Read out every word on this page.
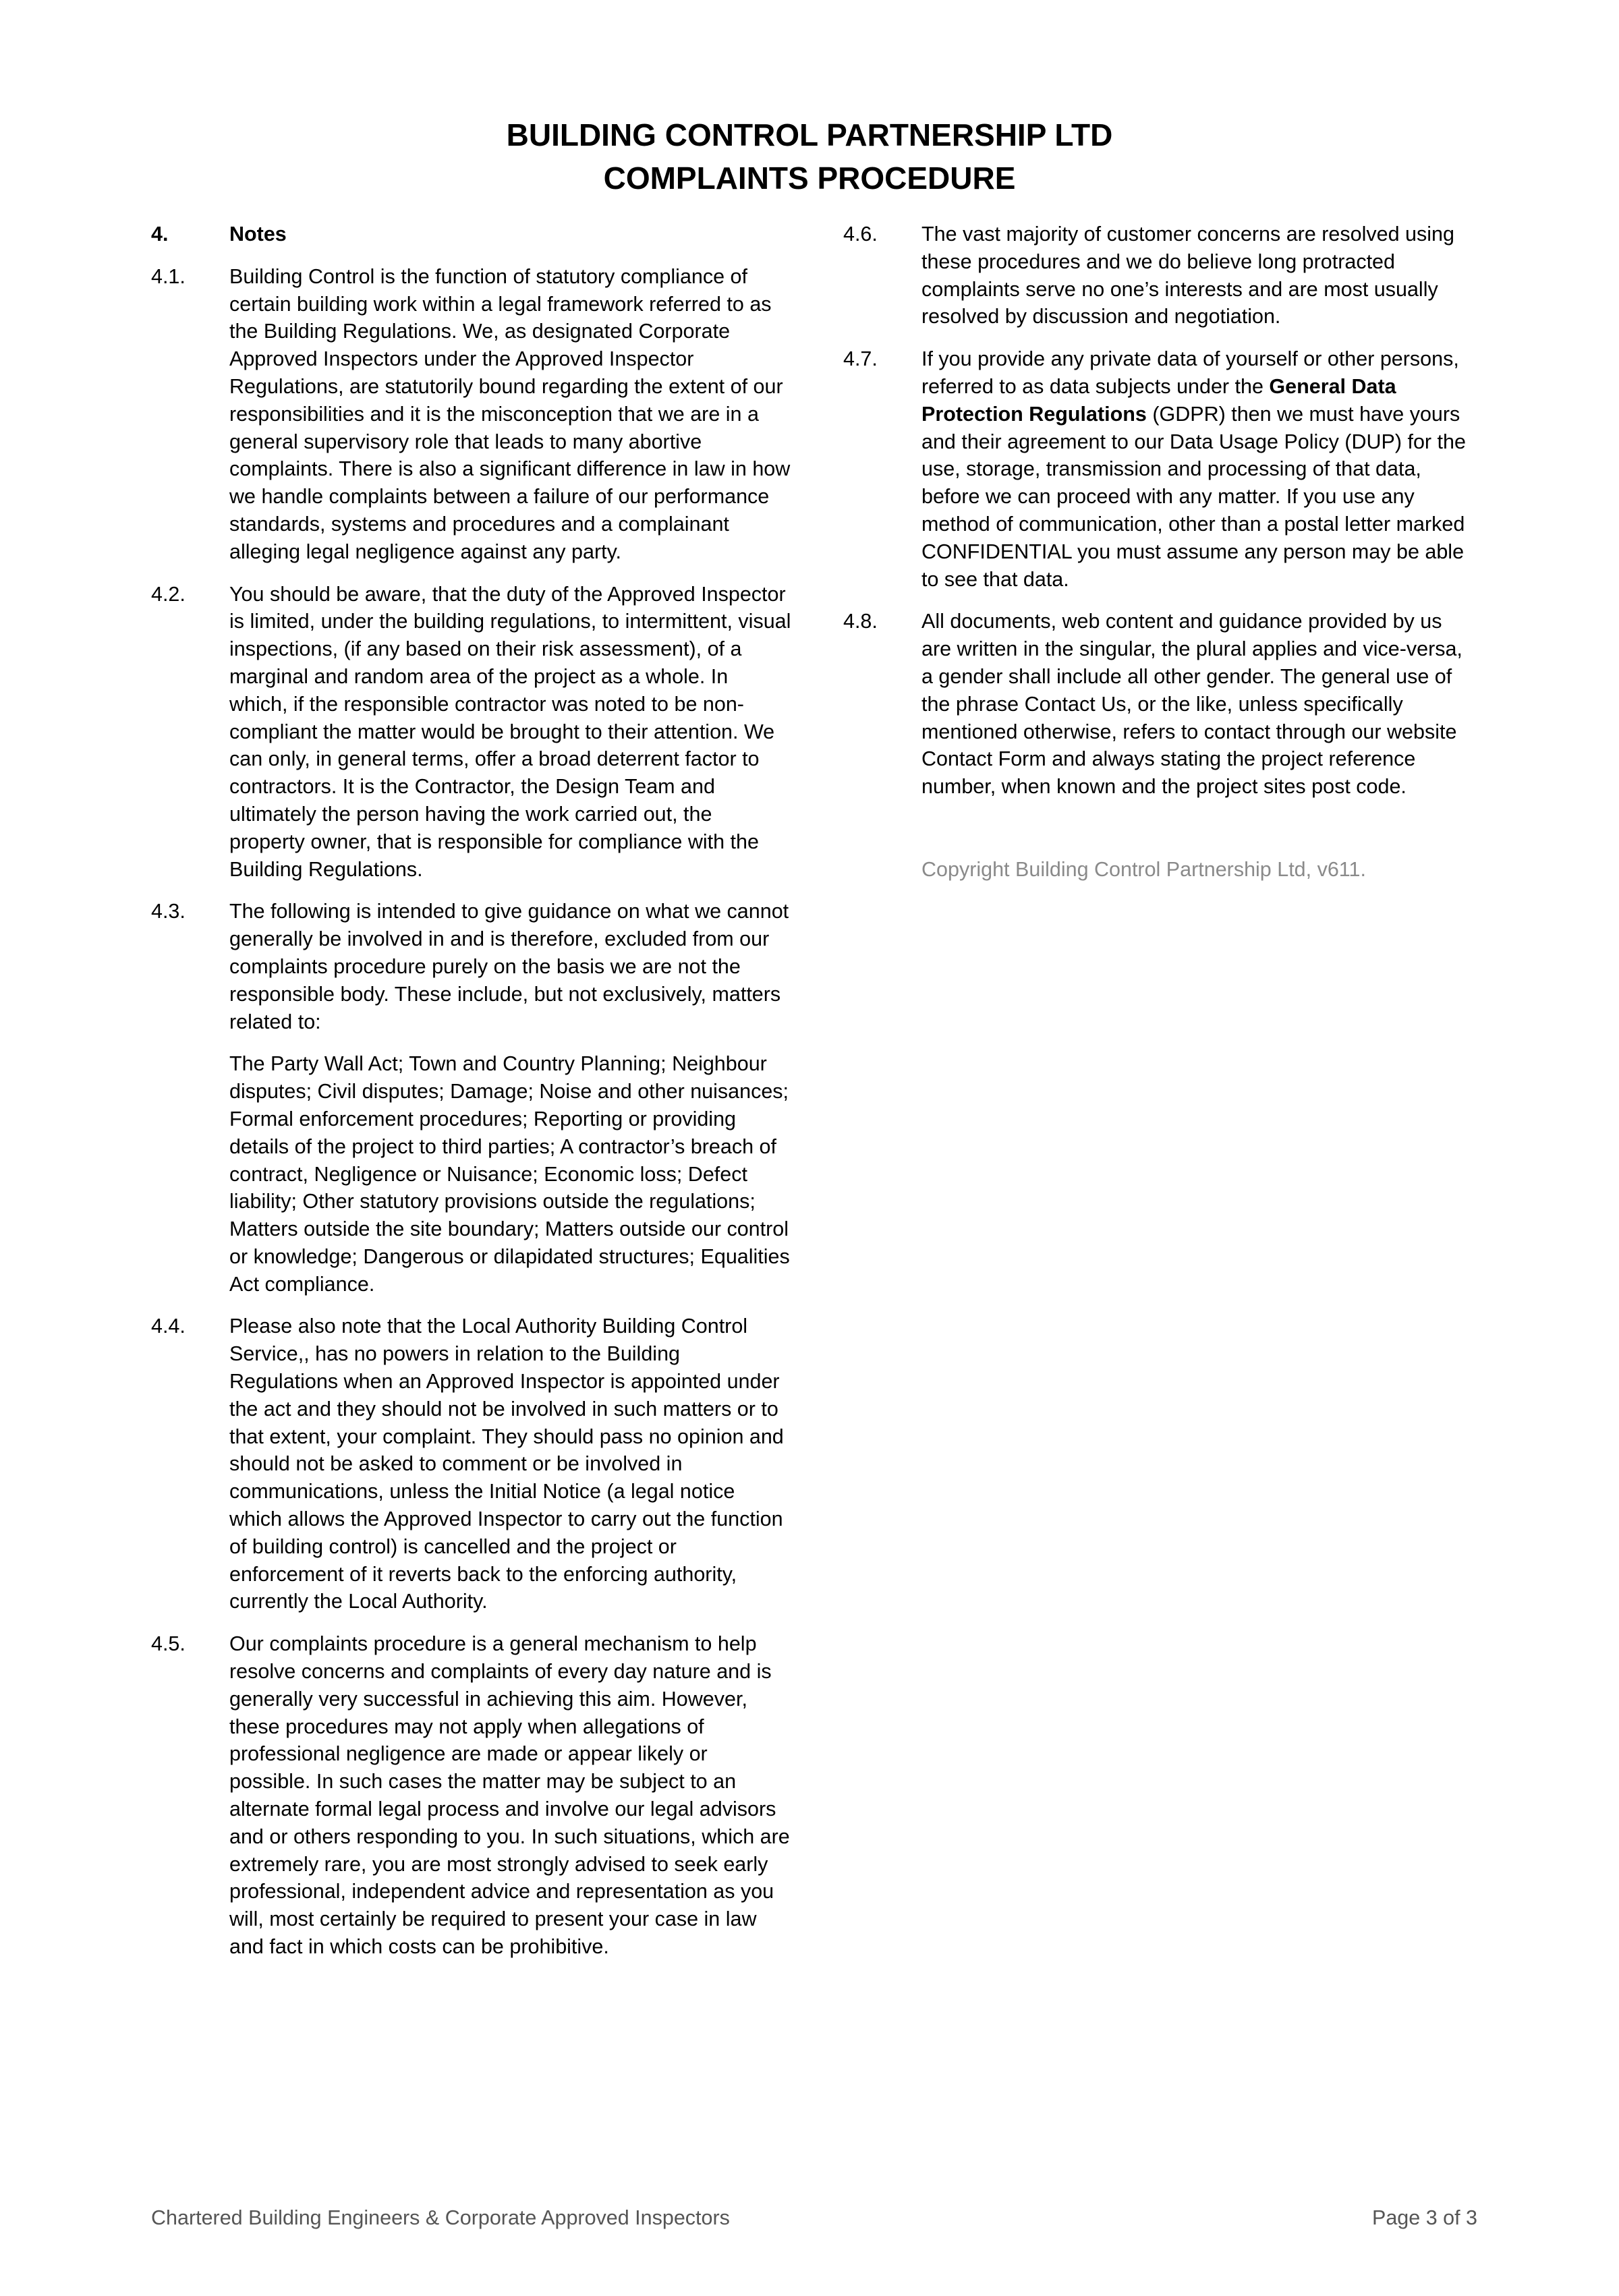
BUILDING CONTROL PARTNERSHIP LTD
COMPLAINTS PROCEDURE
4.	Notes
4.1.	Building Control is the function of statutory compliance of certain building work within a legal framework referred to as the Building Regulations. We, as designated Corporate Approved Inspectors under the Approved Inspector Regulations, are statutorily bound regarding the extent of our responsibilities and it is the misconception that we are in a general supervisory role that leads to many abortive complaints. There is also a significant difference in law in how we handle complaints between a failure of our performance standards, systems and procedures and a complainant alleging legal negligence against any party.
4.2.	You should be aware, that the duty of the Approved Inspector is limited, under the building regulations, to intermittent, visual inspections, (if any based on their risk assessment), of a marginal and random area of the project as a whole. In which, if the responsible contractor was noted to be non-compliant the matter would be brought to their attention. We can only, in general terms, offer a broad deterrent factor to contractors. It is the Contractor, the Design Team and ultimately the person having the work carried out, the property owner, that is responsible for compliance with the Building Regulations.
4.3.	The following is intended to give guidance on what we cannot generally be involved in and is therefore, excluded from our complaints procedure purely on the basis we are not the responsible body. These include, but not exclusively, matters related to:
The Party Wall Act; Town and Country Planning; Neighbour disputes; Civil disputes; Damage; Noise and other nuisances; Formal enforcement procedures; Reporting or providing details of the project to third parties; A contractor’s breach of contract, Negligence or Nuisance; Economic loss; Defect liability; Other statutory provisions outside the regulations; Matters outside the site boundary; Matters outside our control or knowledge; Dangerous or dilapidated structures; Equalities Act compliance.
4.4.	Please also note that the Local Authority Building Control Service,, has no powers in relation to the Building Regulations when an Approved Inspector is appointed under the act and they should not be involved in such matters or to that extent, your complaint. They should pass no opinion and should not be asked to comment or be involved in communications, unless the Initial Notice (a legal notice which allows the Approved Inspector to carry out the function of building control) is cancelled and the project or enforcement of it reverts back to the enforcing authority, currently the Local Authority.
4.5.	Our complaints procedure is a general mechanism to help resolve concerns and complaints of every day nature and is generally very successful in achieving this aim. However, these procedures may not apply when allegations of professional negligence are made or appear likely or possible. In such cases the matter may be subject to an alternate formal legal process and involve our legal advisors and or others responding to you. In such situations, which are extremely rare, you are most strongly advised to seek early professional, independent advice and representation as you will, most certainly be required to present your case in law and fact in which costs can be prohibitive.
4.6.	The vast majority of customer concerns are resolved using these procedures and we do believe long protracted complaints serve no one’s interests and are most usually resolved by discussion and negotiation.
4.7.	If you provide any private data of yourself or other persons, referred to as data subjects under the General Data Protection Regulations (GDPR) then we must have yours and their agreement to our Data Usage Policy (DUP) for the use, storage, transmission and processing of that data, before we can proceed with any matter. If you use any method of communication, other than a postal letter marked CONFIDENTIAL you must assume any person may be able to see that data.
4.8.	All documents, web content and guidance provided by us are written in the singular, the plural applies and vice-versa, a gender shall include all other gender. The general use of the phrase Contact Us, or the like, unless specifically mentioned otherwise, refers to contact through our website Contact Form and always stating the project reference number, when known and the project sites post code.
Copyright Building Control Partnership Ltd, v611.
Chartered Building Engineers & Corporate Approved Inspectors	Page 3 of 3
